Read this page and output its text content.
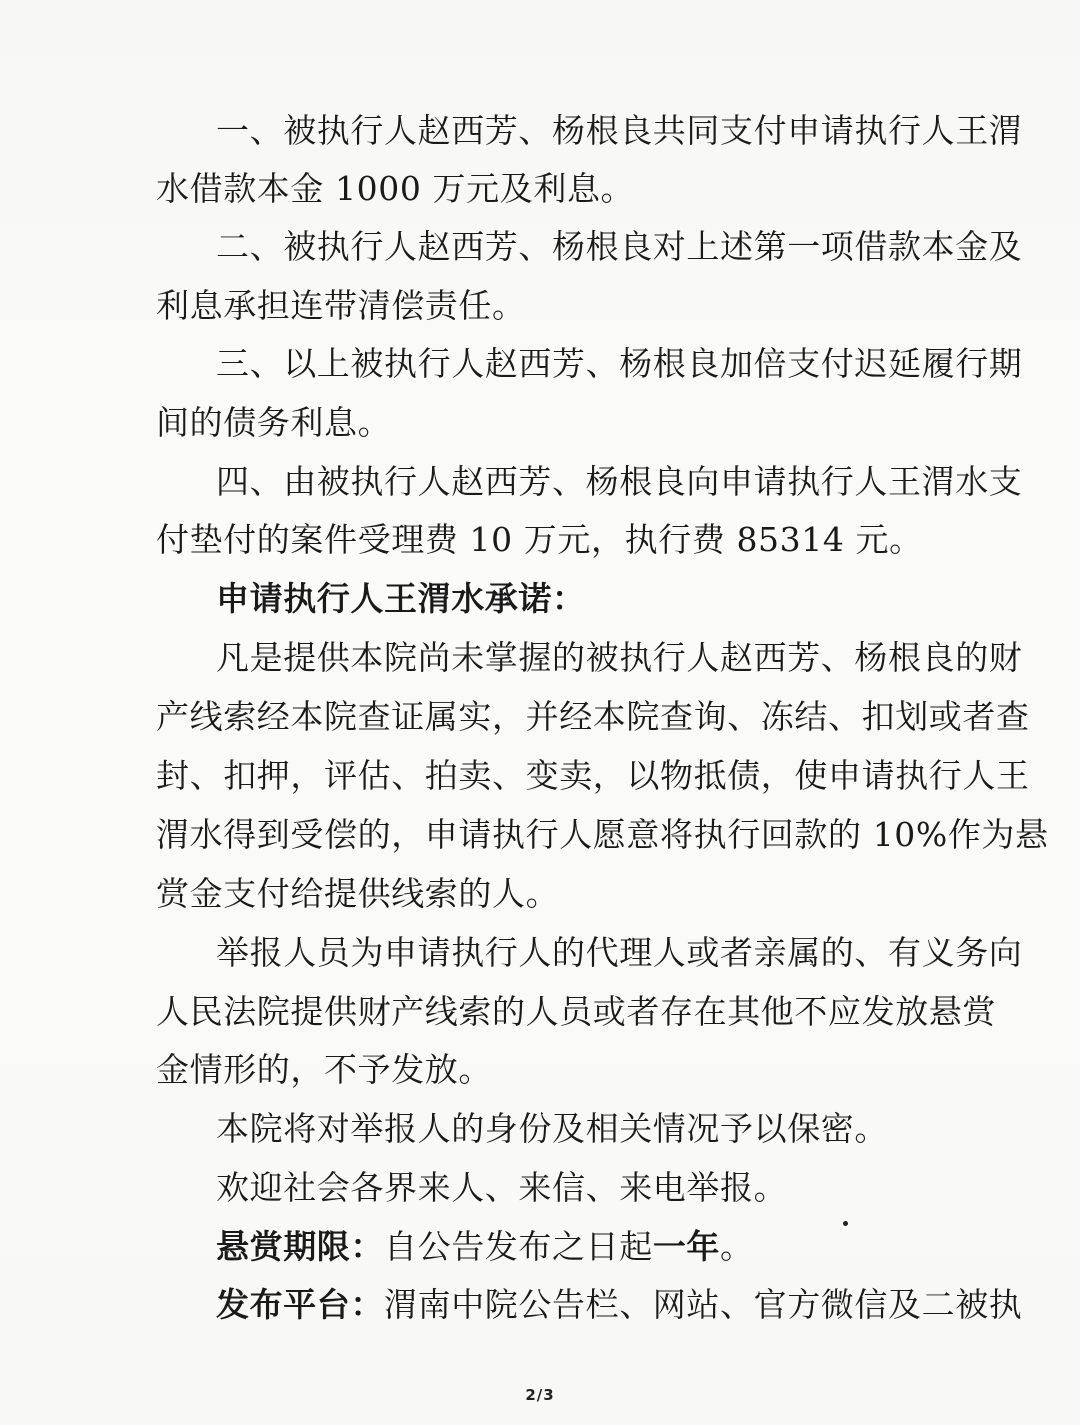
一、被执行人赵西芳、杨根良共同支付申请执行人王渭
水借款本金 1000 万元及利息。
二、被执行人赵西芳、杨根良对上述第一项借款本金及
利息承担连带清偿责任。
三、以上被执行人赵西芳、杨根良加倍支付迟延履行期
间的债务利息。
四、由被执行人赵西芳、杨根良向申请执行人王渭水支
付垫付的案件受理费 10 万元，执行费 85314 元。
申请执行人王渭水承诺：
凡是提供本院尚未掌握的被执行人赵西芳、杨根良的财
产线索经本院查证属实，并经本院查询、冻结、扣划或者查
封、扣押，评估、拍卖、变卖，以物抵债，使申请执行人王
渭水得到受偿的，申请执行人愿意将执行回款的 10%作为悬
赏金支付给提供线索的人。
举报人员为申请执行人的代理人或者亲属的、有义务向
人民法院提供财产线索的人员或者存在其他不应发放悬赏
金情形的，不予发放。
本院将对举报人的身份及相关情况予以保密。
欢迎社会各界来人、来信、来电举报。
悬赏期限：自公告发布之日起一年。
发布平台：渭南中院公告栏、网站、官方微信及二被执
2/3
